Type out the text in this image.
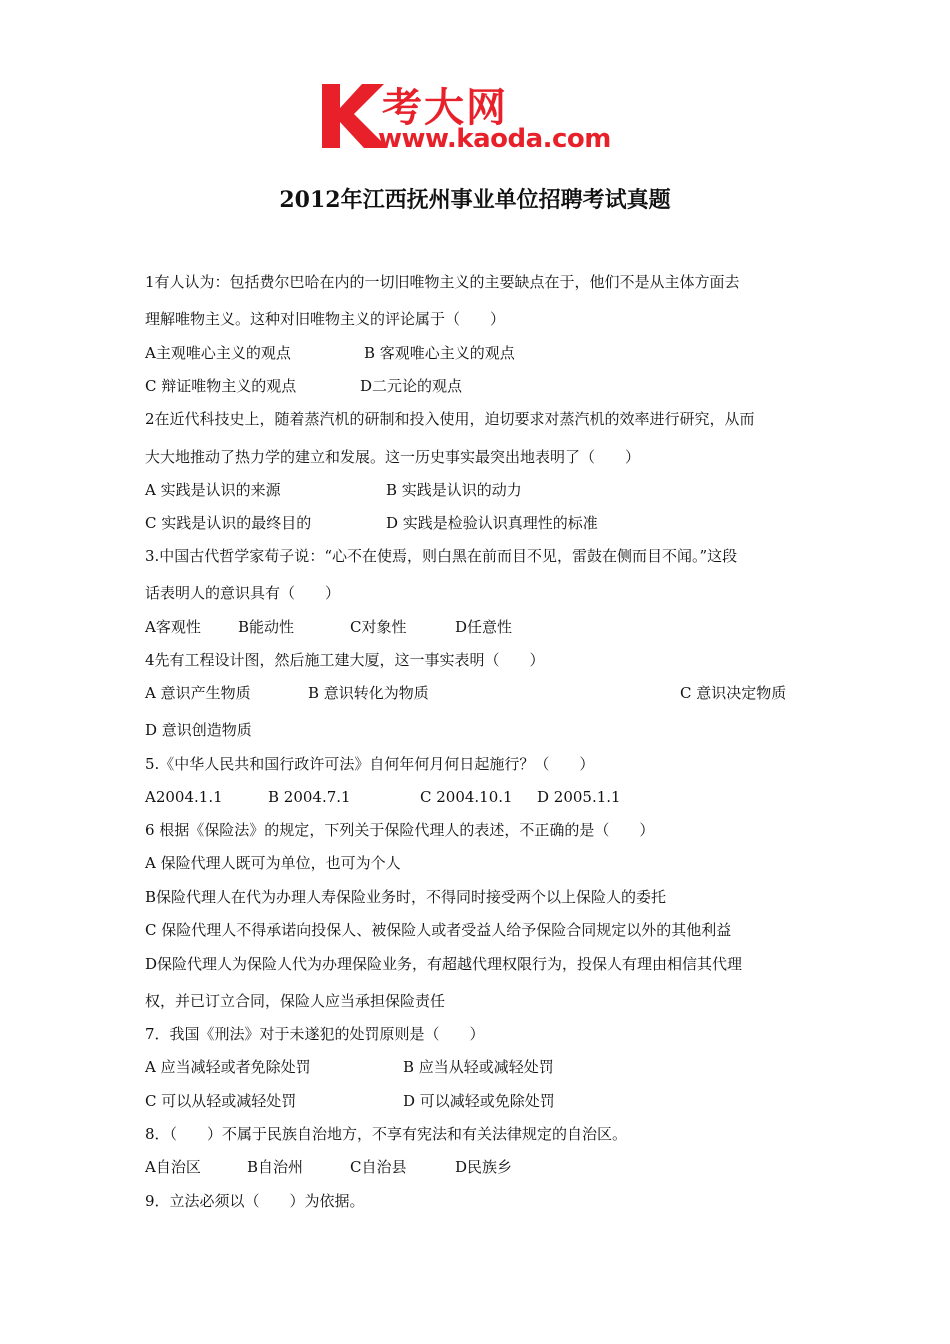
考大网
www.kaoda.com
2012年江西抚州事业单位招聘考试真题
1有人认为：包括费尔巴哈在内的一切旧唯物主义的主要缺点在于，他们不是从主体方面去
理解唯物主义。这种对旧唯物主义的评论属于（　　）
A主观唯心主义的观点	B 客观唯心主义的观点
C 辩证唯物主义的观点	D二元论的观点
2在近代科技史上，随着蒸汽机的研制和投入使用，迫切要求对蒸汽机的效率进行研究，从而
大大地推动了热力学的建立和发展。这一历史事实最突出地表明了（　　）
A 实践是认识的来源	B 实践是认识的动力
C 实践是认识的最终目的	D 实践是检验认识真理性的标准
3.中国古代哲学家荀子说：“心不在使焉，则白黑在前而目不见，雷鼓在侧而目不闻。”这段
话表明人的意识具有（　　）
A客观性 B能动性	C对象性	D任意性
4先有工程设计图，然后施工建大厦，这一事实表明（　　）
A 意识产生物质	B 意识转化为物质	C 意识决定物质
D 意识创造物质
5.《中华人民共和国行政许可法》自何年何月何日起施行？（　　）
A2004.1.1	B 2004.7.1	C 2004.10.1 D 2005.1.1
6 根据《保险法》的规定，下列关于保险代理人的表述，不正确的是（　　）
A 保险代理人既可为单位，也可为个人
B保险代理人在代为办理人寿保险业务时，不得同时接受两个以上保险人的委托
C 保险代理人不得承诺向投保人、被保险人或者受益人给予保险合同规定以外的其他利益
D保险代理人为保险人代为办理保险业务，有超越代理权限行为，投保人有理由相信其代理
权，并已订立合同，保险人应当承担保险责任
7．我国《刑法》对于未遂犯的处罚原则是（　　）
A 应当减轻或者免除处罚	B 应当从轻或减轻处罚
C 可以从轻或减轻处罚	D 可以减轻或免除处罚
8．（　　）不属于民族自治地方，不享有宪法和有关法律规定的自治区。
A自治区	B自治州	C自治县	D民族乡
9．立法必须以（　　）为依据。
